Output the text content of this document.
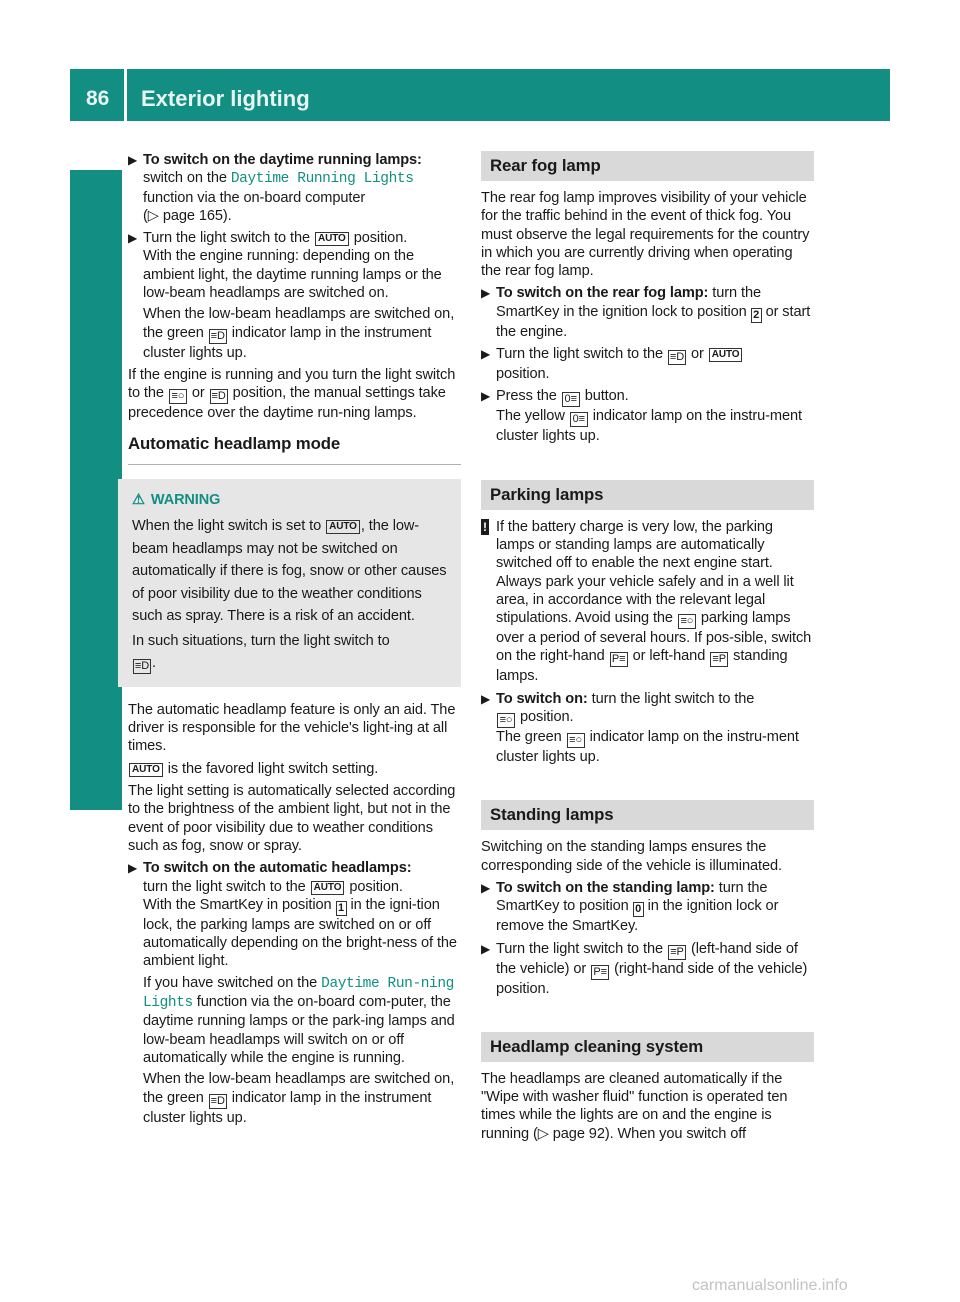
86 Exterior lighting
Lights and windshield wipers
▶ To switch on the daytime running lamps:
switch on the Daytime Running Lights
function via the on-board computer
(▷ page 165).
▶ Turn the light switch to the AUTO position.
With the engine running: depending on the ambient light, the daytime running lamps or the low-beam headlamps are switched on.
When the low-beam headlamps are switched on, the green ≡D indicator lamp in the instrument cluster lights up.

If the engine is running and you turn the light switch to the ≡○ or ≡D position, the manual settings take precedence over the daytime run-ning lamps.

Automatic headlamp mode
⚠ WARNING
When the light switch is set to AUTO , the low-beam headlamps may not be switched on automatically if there is fog, snow or other causes of poor visibility due to the weather conditions such as spray. There is a risk of an accident.
In such situations, turn the light switch to
≡D .

The automatic headlamp feature is only an aid. The driver is responsible for the vehicle's light-ing at all times.

AUTO is the favored light switch setting.

The light setting is automatically selected according to the brightness of the ambient light, but not in the event of poor visibility due to weather conditions such as fog, snow or spray.

▶ To switch on the automatic headlamps:
turn the light switch to the AUTO position.
With the SmartKey in position 1 in the igni-tion lock, the parking lamps are switched on or off automatically depending on the bright-ness of the ambient light.
If you have switched on the Daytime Run-ning Lights function via the on-board com-puter, the daytime running lamps or the park-ing lamps and low-beam headlamps will switch on or off automatically while the engine is running.
When the low-beam headlamps are switched on, the green ≡D indicator lamp in the instrument cluster lights up.
Rear fog lamp

The rear fog lamp improves visibility of your vehicle for the traffic behind in the event of thick fog. You must observe the legal requirements for the country in which you are currently driving when operating the rear fog lamp.

▶ To switch on the rear fog lamp: turn the SmartKey in the ignition lock to position 2 or start the engine.
▶ Turn the light switch to the ≡D or AUTO
position.
▶ Press the 0≡ button.
The yellow 0≡ indicator lamp on the instru-ment cluster lights up.
Parking lamps
! If the battery charge is very low, the parking lamps or standing lamps are automatically switched off to enable the next engine start. Always park your vehicle safely and in a well lit area, in accordance with the relevant legal stipulations. Avoid using the ≡○ parking lamps over a period of several hours. If pos-sible, switch on the right-hand P≡ or left-hand ≡P standing lamps.
▶ To switch on: turn the light switch to the
≡○ position.
The green ≡○ indicator lamp on the instru-ment cluster lights up.
Standing lamps

Switching on the standing lamps ensures the corresponding side of the vehicle is illuminated.

▶ To switch on the standing lamp: turn the SmartKey to position 0 in the ignition lock or remove the SmartKey.
▶ Turn the light switch to the ≡P (left-hand side of the vehicle) or P≡ (right-hand side of the vehicle) position.
Headlamp cleaning system

The headlamps are cleaned automatically if the "Wipe with washer fluid" function is operated ten times while the lights are on and the engine is running (▷ page 92). When you switch off

carmanualsonline.info
